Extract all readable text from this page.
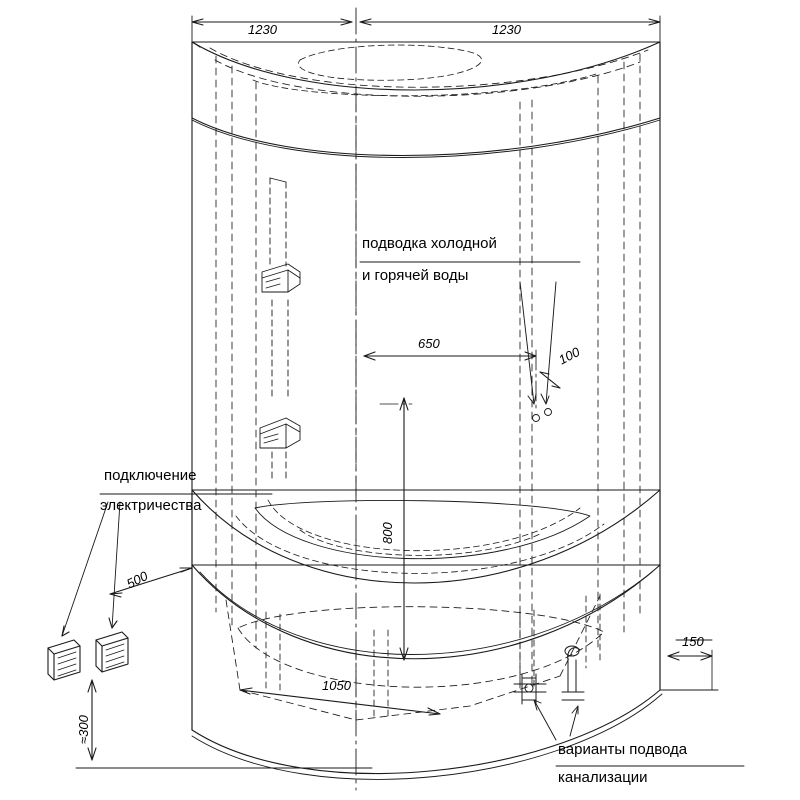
1230	1230
подводка холодной
и горячей воды
650
100
800
1050
подключение
электричества
500
≈300
150
варианты подвода
канализации
